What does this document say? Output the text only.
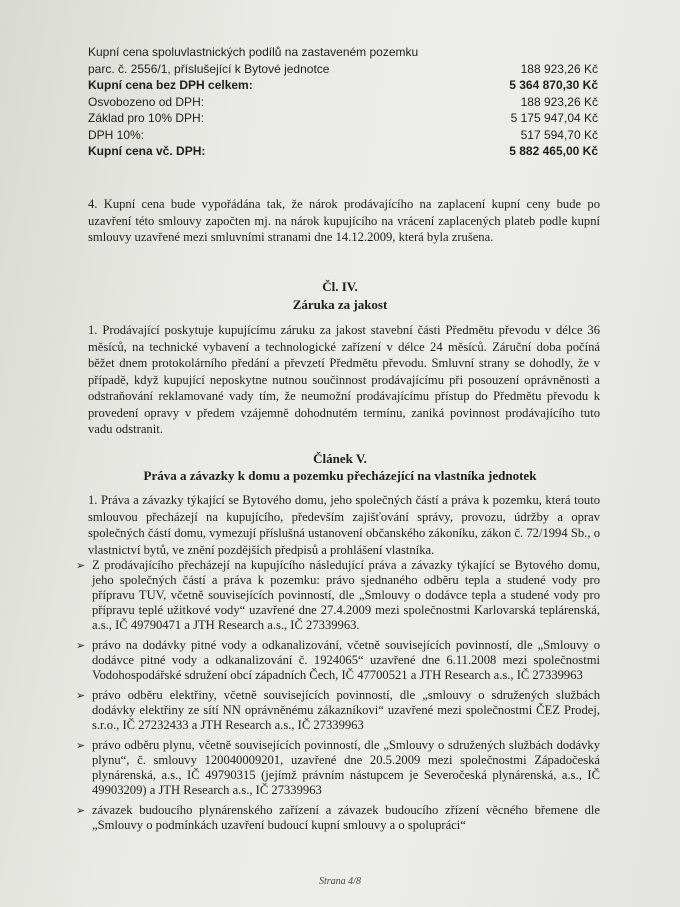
Kupní cena spoluvlastnických podílů na zastaveném pozemku
parc. č. 2556/1, příslušející k Bytové jednotce	188 923,26 Kč
Kupní cena bez DPH celkem:	5 364 870,30 Kč
Osvobozeno od DPH:	188 923,26 Kč
Základ pro 10% DPH:	5 175 947,04 Kč
DPH 10%:	517 594,70 Kč
Kupní cena vč. DPH:	5 882 465,00 Kč
4. Kupní cena bude vypořádána tak, že nárok prodávajícího na zaplacení kupní ceny bude po uzavření této smlouvy započten mj. na nárok kupujícího na vrácení zaplacených plateb podle kupní smlouvy uzavřené mezi smluvními stranami dne 14.12.2009, která byla zrušena.
Čl. IV.
Záruka za jakost
1. Prodávající poskytuje kupujícímu záruku za jakost stavební části Předmětu převodu v délce 36 měsíců, na technické vybavení a technologické zařízení v délce 24 měsíců. Záruční doba počíná běžet dnem protokolárního předání a převzetí Předmětu převodu. Smluvní strany se dohodly, že v případě, když kupující neposkytne nutnou součinnost prodávajícímu při posouzení oprávněnosti a odstraňování reklamované vady tím, že neumožní prodávajícímu přístup do Předmětu převodu k provedení opravy v předem vzájemně dohodnutém termínu, zaniká povinnost prodávajícího tuto vadu odstranit.
Článek V.
Práva a závazky k domu a pozemku přecházející na vlastníka jednotek
1. Práva a závazky týkající se Bytového domu, jeho společných částí a práva k pozemku, která touto smlouvou přecházejí na kupujícího, především zajišťování správy, provozu, údržby a oprav společných částí domu, vymezují příslušná ustanovení občanského zákoníku, zákon č. 72/1994 Sb., o vlastnictví bytů, ve znění pozdějších předpisů a prohlášení vlastníka.
➢ Z prodávajícího přecházejí na kupujícího následující práva a závazky týkající se Bytového domu, jeho společných částí a práva k pozemku: právo sjednaného odběru tepla a studené vody pro přípravu TUV, včetně souvisejících povinností, dle „Smlouvy o dodávce tepla a studené vody pro přípravu teplé užitkové vody“ uzavřené dne 27.4.2009 mezi společnostmi Karlovarská teplárenská, a.s., IČ 49790471 a JTH Research a.s., IČ 27339963.
➢ právo na dodávky pitné vody a odkanalizování, včetně souvisejících povinností, dle „Smlouvy o dodávce pitné vody a odkanalizování č. 1924065“ uzavřené dne 6.11.2008 mezi společnostmi Vodohospodářské sdružení obcí západních Čech, IČ 47700521 a JTH Research a.s., IČ 27339963
➢ právo odběru elektřiny, včetně souvisejících povinností, dle „smlouvy o sdružených službách dodávky elektřiny ze sítí NN oprávněnému zákazníkovi“ uzavřené mezi společnostmi ČEZ Prodej, s.r.o., IČ 27232433 a JTH Research a.s., IČ 27339963
➢ právo odběru plynu, včetně souvisejících povinností, dle „Smlouvy o sdružených službách dodávky plynu“, č. smlouvy 120040009201, uzavřené dne 20.5.2009 mezi společnostmi Západočeská plynárenská, a.s., IČ 49790315 (jejímž právním nástupcem je Severočeská plynárenská, a.s., IČ 49903209) a JTH Research a.s., IČ 27339963
➢ závazek budoucího plynárenského zařízení a závazek budoucího zřízení věcného břemene dle „Smlouvy o podmínkách uzavření budoucí kupní smlouvy a o spolupráci“
Strana 4/8
